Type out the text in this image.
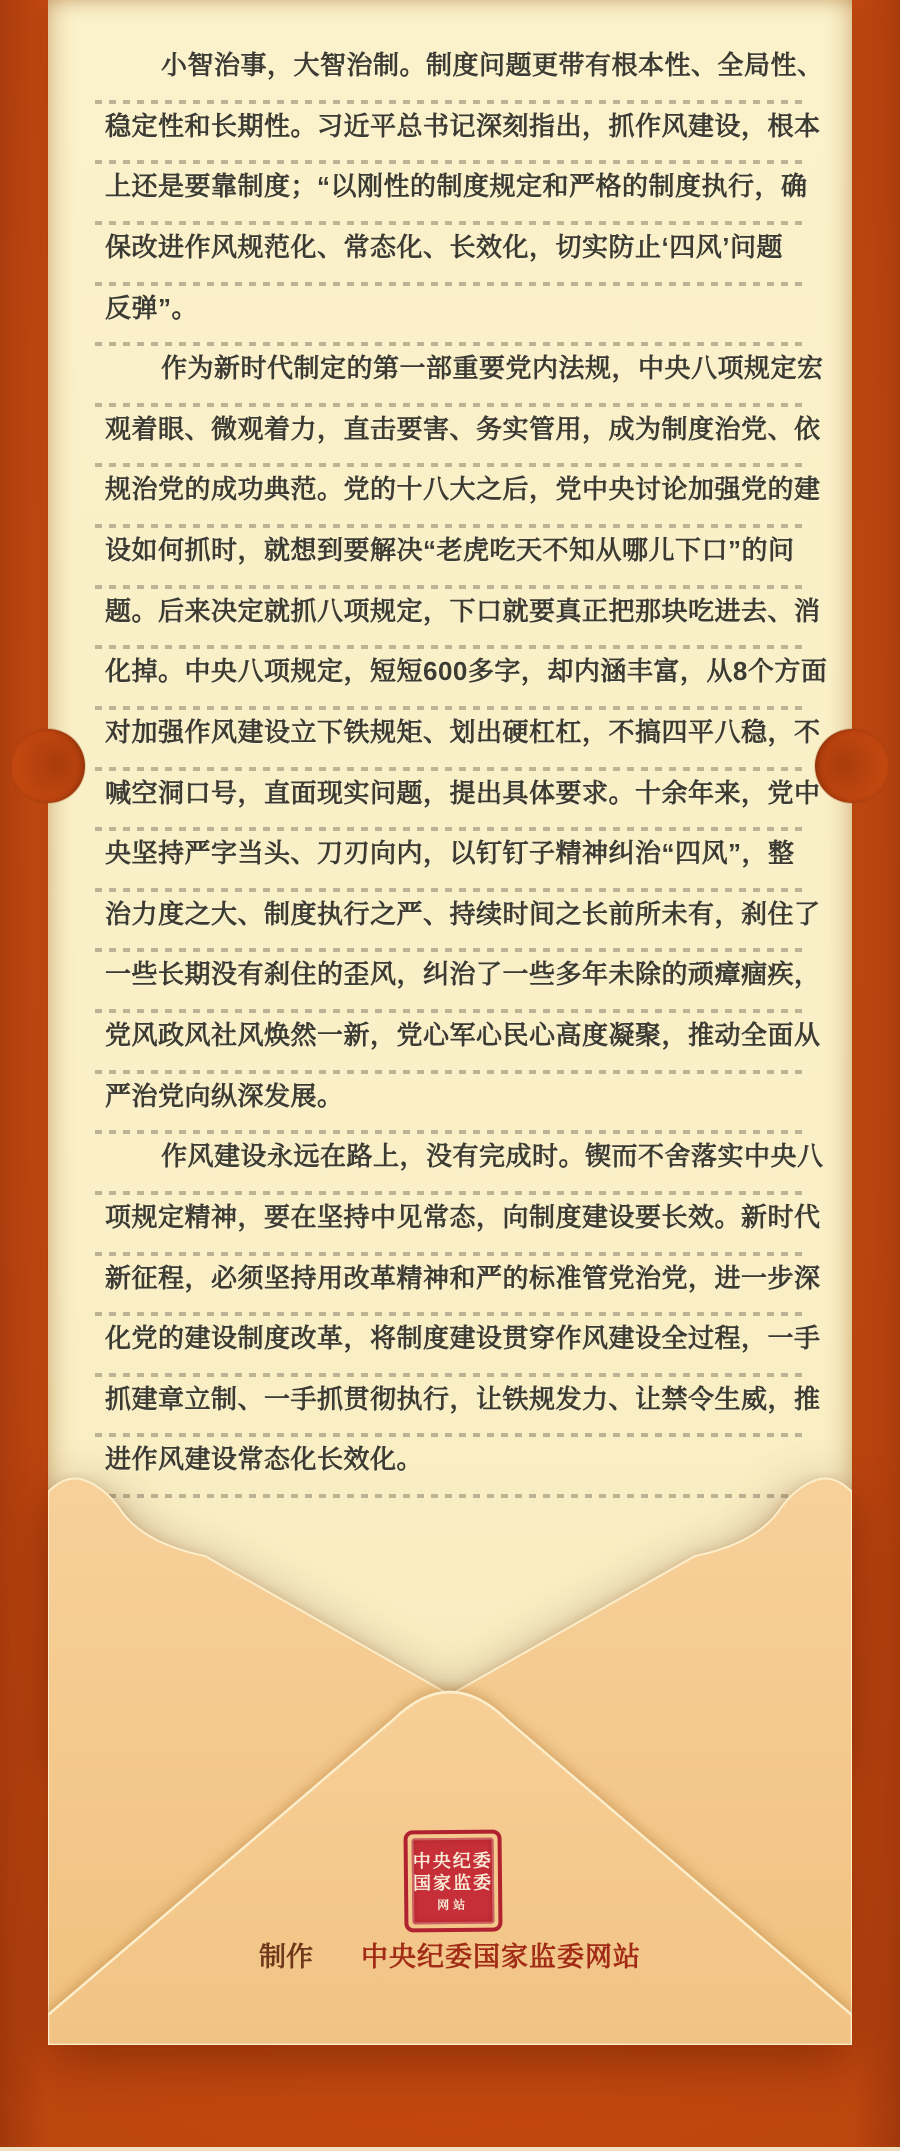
小智治事，大智治制。制度问题更带有根本性、全局性、
稳定性和长期性。习近平总书记深刻指出，抓作风建设，根本
上还是要靠制度；“以刚性的制度规定和严格的制度执行，确
保改进作风规范化、常态化、长效化，切实防止‘四风’问题
反弹”。
作为新时代制定的第一部重要党内法规，中央八项规定宏
观着眼、微观着力，直击要害、务实管用，成为制度治党、依
规治党的成功典范。党的十八大之后，党中央讨论加强党的建
设如何抓时，就想到要解决“老虎吃天不知从哪儿下口”的问
题。后来决定就抓八项规定，下口就要真正把那块吃进去、消
化掉。中央八项规定，短短600多字，却内涵丰富，从8个方面
对加强作风建设立下铁规矩、划出硬杠杠，不搞四平八稳，不
喊空洞口号，直面现实问题，提出具体要求。十余年来，党中
央坚持严字当头、刀刃向内，以钉钉子精神纠治“四风”，整
治力度之大、制度执行之严、持续时间之长前所未有，刹住了
一些长期没有刹住的歪风，纠治了一些多年未除的顽瘴痼疾，
党风政风社风焕然一新，党心军心民心高度凝聚，推动全面从
严治党向纵深发展。
作风建设永远在路上，没有完成时。锲而不舍落实中央八
项规定精神，要在坚持中见常态，向制度建设要长效。新时代
新征程，必须坚持用改革精神和严的标准管党治党，进一步深
化党的建设制度改革，将制度建设贯穿作风建设全过程，一手
抓建章立制、一手抓贯彻执行，让铁规发力、让禁令生威，推
进作风建设常态化长效化。
中央纪委
国家监委
网站
制作 中央纪委国家监委网站
